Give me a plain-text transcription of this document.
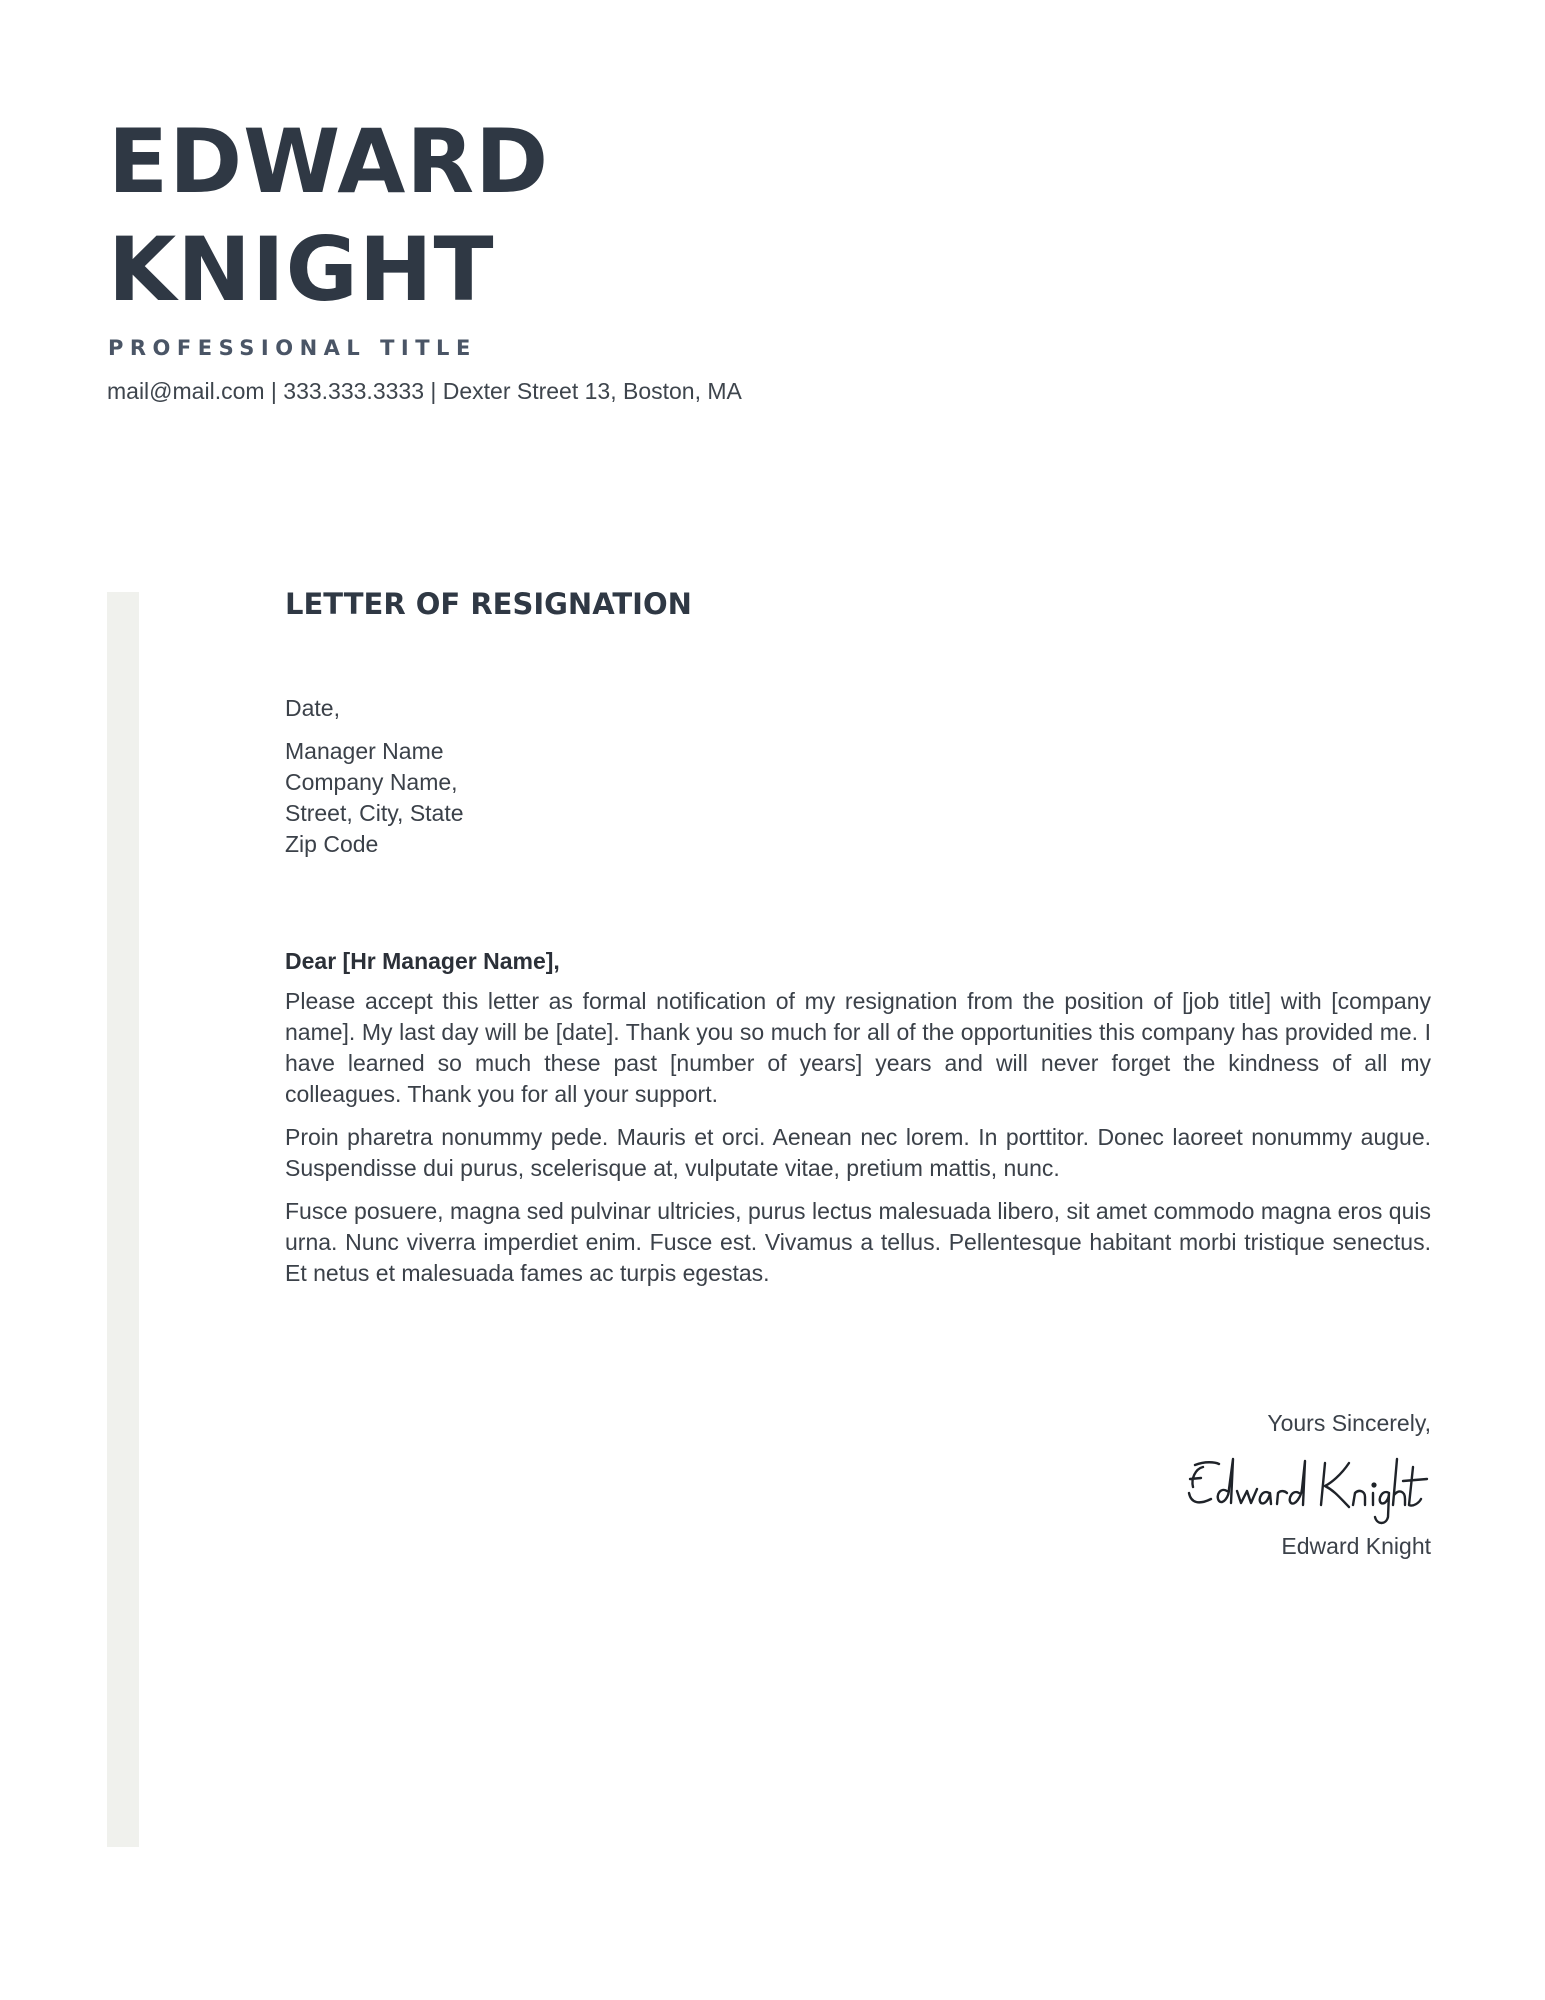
EDWARD
KNIGHT
PROFESSIONAL TITLE
mail@mail.com | 333.333.3333 | Dexter Street 13, Boston, MA
LETTER OF RESIGNATION
Date,
Manager Name
Company Name,
Street, City, State
Zip Code
Dear [Hr Manager Name],

Please accept this letter as formal notification of my resignation from the position of [job title] with [company name]. My last day will be [date]. Thank you so much for all of the opportunities this company has provided me. I have learned so much these past [number of years] years and will never forget the kindness of all my colleagues. Thank you for all your support.

Proin pharetra nonummy pede. Mauris et orci. Aenean nec lorem. In porttitor. Donec laoreet nonummy augue. Suspendisse dui purus, scelerisque at, vulputate vitae, pretium mattis, nunc.

Fusce posuere, magna sed pulvinar ultricies, purus lectus malesuada libero, sit amet commodo magna eros quis urna. Nunc viverra imperdiet enim. Fusce est. Vivamus a tellus. Pellentesque habitant morbi tristique senectus. Et netus et malesuada fames ac turpis egestas.

Yours Sincerely,
Edward Knight
